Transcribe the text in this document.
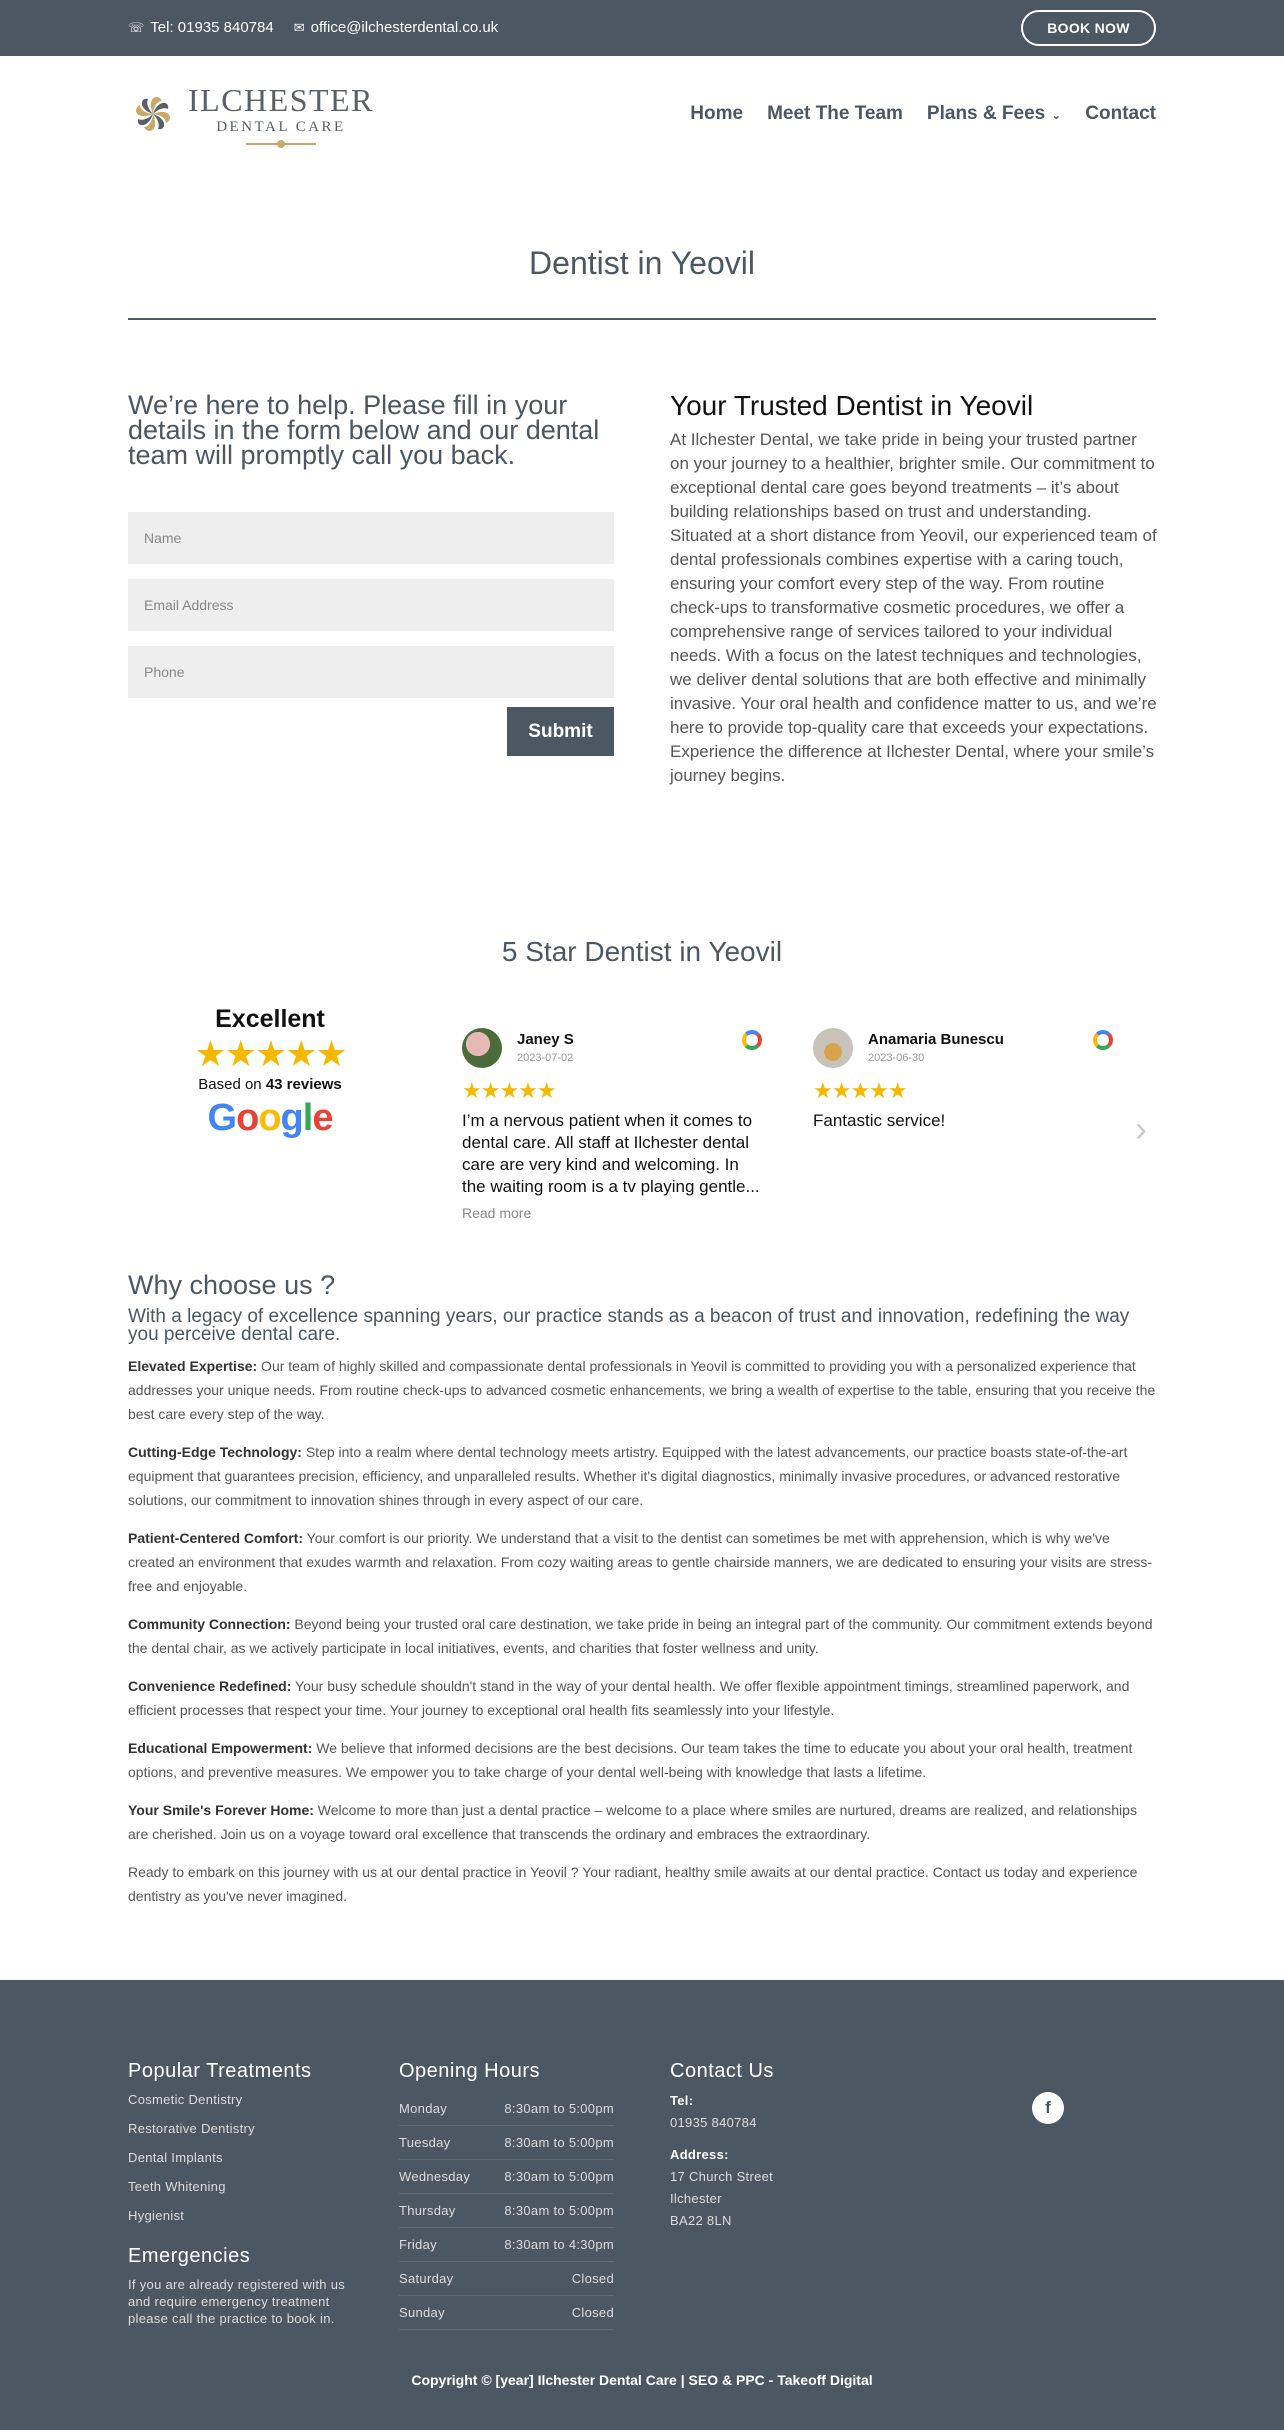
☏ Tel: 01935 840784 ✉ office@ilchesterdental.co.uk	BOOK NOW
ILCHESTER
DENTAL CARE
Home Meet The Team Plans & Fees ⌄ Contact
Dentist in Yeovil
We’re here to help. Please fill in your details in the form below and our dental team will promptly call you back.
Name
Email Address
Phone
Submit
Your Trusted Dentist in Yeovil

At Ilchester Dental, we take pride in being your trusted partner on your journey to a healthier, brighter smile. Our commitment to exceptional dental care goes beyond treatments – it’s about building relationships based on trust and understanding. Situated at a short distance from Yeovil, our experienced team of dental professionals combines expertise with a caring touch, ensuring your comfort every step of the way. From routine check-ups to transformative cosmetic procedures, we offer a comprehensive range of services tailored to your individual needs. With a focus on the latest techniques and technologies, we deliver dental solutions that are both effective and minimally invasive. Your oral health and confidence matter to us, and we’re here to provide top-quality care that exceeds your expectations. Experience the difference at Ilchester Dental, where your smile’s journey begins.

5 Star Dentist in Yeovil
Excellent
★★★★★
Based on 43 reviews
Google
Janey S
2023-07-02
★★★★★
I’m a nervous patient when it comes to dental care. All staff at Ilchester dental care are very kind and welcoming. In the waiting room is a tv playing gentle...
Read more
Anamaria Bunescu
2023-06-30
★★★★★
Fantastic service!	›
Why choose us ?
With a legacy of excellence spanning years, our practice stands as a beacon of trust and innovation, redefining the way you perceive dental care.

Elevated Expertise: Our team of highly skilled and compassionate dental professionals in Yeovil is committed to providing you with a personalized experience that addresses your unique needs. From routine check-ups to advanced cosmetic enhancements, we bring a wealth of expertise to the table, ensuring that you receive the best care every step of the way.

Cutting-Edge Technology: Step into a realm where dental technology meets artistry. Equipped with the latest advancements, our practice boasts state-of-the-art equipment that guarantees precision, efficiency, and unparalleled results. Whether it's digital diagnostics, minimally invasive procedures, or advanced restorative solutions, our commitment to innovation shines through in every aspect of our care.

Patient-Centered Comfort: Your comfort is our priority. We understand that a visit to the dentist can sometimes be met with apprehension, which is why we've created an environment that exudes warmth and relaxation. From cozy waiting areas to gentle chairside manners, we are dedicated to ensuring your visits are stress-free and enjoyable.

Community Connection: Beyond being your trusted oral care destination, we take pride in being an integral part of the community. Our commitment extends beyond the dental chair, as we actively participate in local initiatives, events, and charities that foster wellness and unity.

Convenience Redefined: Your busy schedule shouldn't stand in the way of your dental health. We offer flexible appointment timings, streamlined paperwork, and efficient processes that respect your time. Your journey to exceptional oral health fits seamlessly into your lifestyle.

Educational Empowerment: We believe that informed decisions are the best decisions. Our team takes the time to educate you about your oral health, treatment options, and preventive measures. We empower you to take charge of your dental well-being with knowledge that lasts a lifetime.

Your Smile's Forever Home: Welcome to more than just a dental practice – welcome to a place where smiles are nurtured, dreams are realized, and relationships are cherished. Join us on a voyage toward oral excellence that transcends the ordinary and embraces the extraordinary.

Ready to embark on this journey with us at our dental practice in Yeovil ? Your radiant, healthy smile awaits at our dental practice. Contact us today and experience dentistry as you've never imagined.

Popular Treatments
Cosmetic Dentistry
Restorative Dentistry
Dental Implants
Teeth Whitening
Hygienist
Opening Hours
Monday	8:30am to 5:00pm
Tuesday	8:30am to 5:00pm
Wednesday	8:30am to 5:00pm
Thursday	8:30am to 5:00pm
Friday	8:30am to 4:30pm
Saturday	Closed
Sunday	Closed
Contact Us
Tel:
01935 840784
Address:
17 Church Street
Ilchester
BA22 8LN
f
Emergencies
If you are already registered with us and require emergency treatment please call the practice to book in.
Copyright © [year] Ilchester Dental Care | SEO & PPC - Takeoff Digital
